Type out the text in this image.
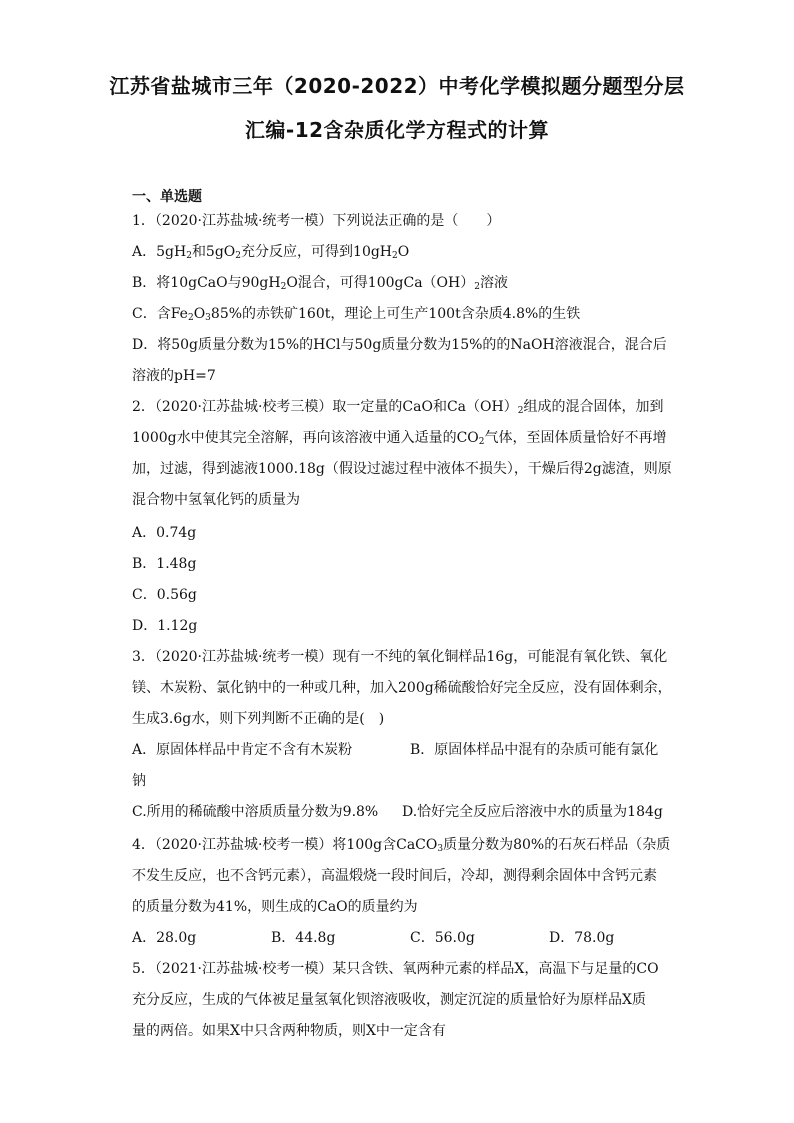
江苏省盐城市三年（2020-2022）中考化学模拟题分题型分层
汇编-12含杂质化学方程式的计算
一、单选题
1．（2020·江苏盐城·统考一模）下列说法正确的是（　　）
A．$5gH_2$和$5gO_2$充分反应，可得到$10gH_2O$
B．将10gCaO与$90gH_2O$混合，可得$100gCa(OH)_2$溶液
C．含$Fe_2O_385\%$的赤铁矿160t，理论上可生产100t含杂质4.8%的生铁
D．将50g质量分数为15%的HCl与50g质量分数为15%的的NaOH溶液混合，混合后
溶液的pH=7
2．（2020·江苏盐城·校考三模）取一定量的CaO和$Ca(OH)_2$组成的混合固体，加到
1000g水中使其完全溶解，再向该溶液中通入适量的$CO_2$气体，至固体质量恰好不再增
加，过滤，得到滤液1000.18g（假设过滤过程中液体不损失），干燥后得2g滤渣，则原
混合物中氢氧化钙的质量为
A．0.74g
B．1.48g
C．0.56g
D．1.12g
3．（2020·江苏盐城·统考一模）现有一不纯的氧化铜样品16g，可能混有氧化铁、氧化
镁、木炭粉、氯化钠中的一种或几种，加入200g稀硫酸恰好完全反应，没有固体剩余，
生成3.6g水，则下列判断不正确的是(　)
A．原固体样品中肯定不含有木炭粉	B．原固体样品中混有的杂质可能有氯化
钠
C.所用的稀硫酸中溶质质量分数为9.8% D.恰好完全反应后溶液中水的质量为184g
4．（2020·江苏盐城·校考一模）将100g含CaCO$_3$质量分数为80%的石灰石样品（杂质
不发生反应，也不含钙元素），高温煅烧一段时间后，冷却，测得剩余固体中含钙元素
的质量分数为41%，则生成的CaO的质量约为
A．28.0g	B．44.8g	C．56.0g	D．78.0g
5．（2021·江苏盐城·校考一模）某只含铁、氧两种元素的样品X，高温下与足量的CO
充分反应，生成的气体被足量氢氧化钡溶液吸收，测定沉淀的质量恰好为原样品X质
量的两倍。如果X中只含两种物质，则X中一定含有
